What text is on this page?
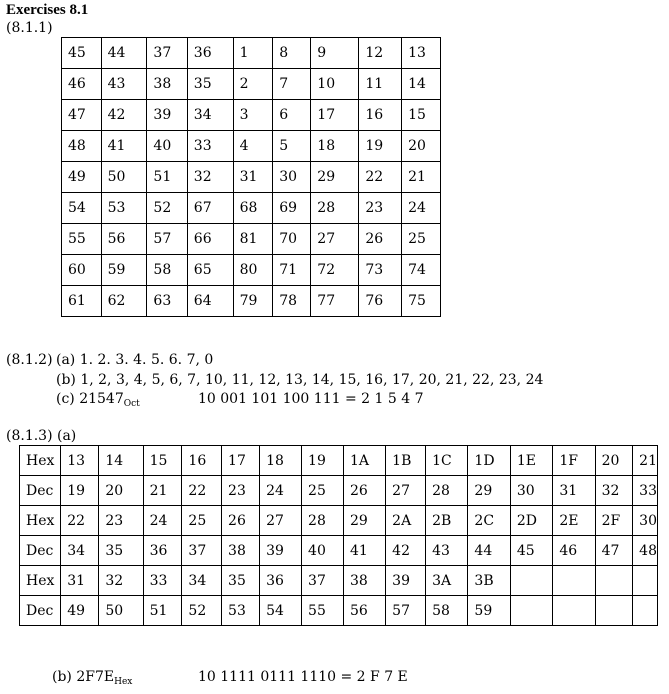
Exercises 8.1
(8.1.1)
45	44	37	36	1	8	9	12	13
46	43	38	35	2	7	10	11	14
47	42	39	34	3	6	17	16	15
48	41	40	33	4	5	18	19	20
49	50	51	32	31	30	29	22	21
54	53	52	67	68	69	28	23	24
55	56	57	66	81	70	27	26	25
60	59	58	65	80	71	72	73	74
61	62	63	64	79	78	77	76	75
(8.1.2) (a) 1. 2. 3. 4. 5. 6. 7, 0
(b) 1, 2, 3, 4, 5, 6, 7, 10, 11, 12, 13, 14, 15, 16, 17, 20, 21, 22, 23, 24
(c) $21547_{Oct}$	10 001 101 100 111 = 2 1 5 4 7
(8.1.3) (a)
Hex	13	14	15	16	17	18	19	1A	1B	1C	1D	1E	1F	20	21
Dec	19	20	21	22	23	24	25	26	27	28	29	30	31	32	33
Hex	22	23	24	25	26	27	28	29	2A	2B	2C	2D	2E	2F	30
Dec	34	35	36	37	38	39	40	41	42	43	44	45	46	47	48
Hex	31	32	33	34	35	36	37	38	39	3A	3B				
Dec	49	50	51	52	53	54	55	56	57	58	59				
(b) $2F7E_{Hex}$	10 1111 0111 1110 = 2 F 7 E
